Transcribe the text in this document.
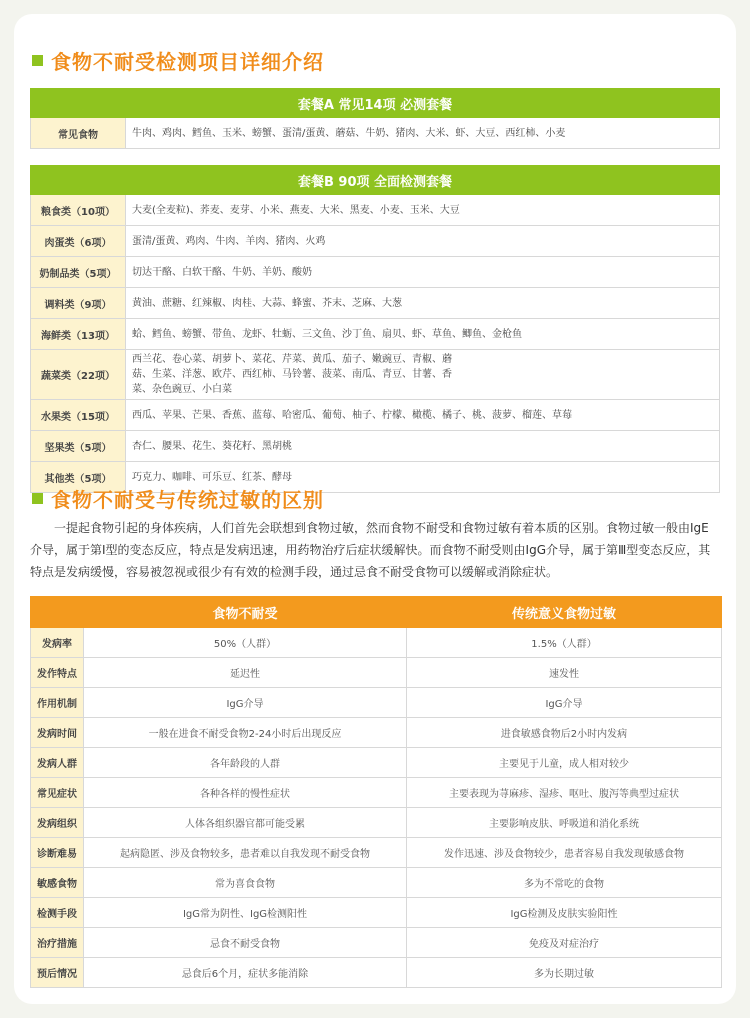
食物不耐受检测项目详细介绍
套餐A 常见14项 必测套餐
常见食物	牛肉、鸡肉、鳕鱼、玉米、螃蟹、蛋清/蛋黄、蘑菇、牛奶、猪肉、大米、虾、大豆、西红柿、小麦
套餐B 90项 全面检测套餐	
粮食类（10项）	大麦(全麦粒)、荞麦、麦芽、小米、燕麦、大米、黑麦、小麦、玉米、大豆
肉蛋类（6项）	蛋清/蛋黄、鸡肉、牛肉、羊肉、猪肉、火鸡
奶制品类（5项）	切达干酪、白软干酪、牛奶、羊奶、酸奶
调料类（9项）	黄油、蔗糖、红辣椒、肉桂、大蒜、蜂蜜、芥末、芝麻、大葱
海鲜类（13项）	蛤、鳕鱼、螃蟹、带鱼、龙虾、牡蛎、三文鱼、沙丁鱼、扇贝、虾、草鱼、鲫鱼、金枪鱼
蔬菜类（22项）	西兰花、卷心菜、胡萝卜、菜花、芹菜、黄瓜、茄子、嫩豌豆、青椒、蘑菇、生菜、洋葱、欧芹、西红柿、马铃薯、菠菜、南瓜、青豆、甘薯、香菜、杂色豌豆、小白菜
水果类（15项）	西瓜、苹果、芒果、香蕉、蓝莓、哈密瓜、葡萄、柚子、柠檬、橄榄、橘子、桃、菠萝、榴莲、草莓
坚果类（5项）	杏仁、腰果、花生、葵花籽、黑胡桃
其他类（5项）	巧克力、咖啡、可乐豆、红茶、酵母
食物不耐受与传统过敏的区别
一提起食物引起的身体疾病，人们首先会联想到食物过敏，然而食物不耐受和食物过敏有着本质的区别。食物过敏一般由IgE介导，属于第Ⅰ型的变态反应，特点是发病迅速，用药物治疗后症状缓解快。而食物不耐受则由IgG介导，属于第Ⅲ型变态反应，其特点是发病缓慢，容易被忽视或很少有有效的检测手段，通过忌食不耐受食物可以缓解或消除症状。
	食物不耐受	传统意义食物过敏
发病率	50%（人群）	1.5%（人群）
发作特点	延迟性	速发性
作用机制	IgG介导	IgG介导
发病时间	一般在进食不耐受食物2-24小时后出现反应	进食敏感食物后2小时内发病
发病人群	各年龄段的人群	主要见于儿童，成人相对较少
常见症状	各种各样的慢性症状	主要表现为荨麻疹、湿疹、呕吐、腹泻等典型过症状
发病组织	人体各组织器官都可能受累	主要影响皮肤、呼吸道和消化系统
诊断难易	起病隐匿、涉及食物较多，患者难以自我发现不耐受食物	发作迅速、涉及食物较少，患者容易自我发现敏感食物
敏感食物	常为喜食食物	多为不常吃的食物
检测手段	IgG常为阴性、IgG检测阳性	IgG检测及皮肤实验阳性
治疗措施	忌食不耐受食物	免疫及对症治疗
预后情况	忌食后6个月，症状多能消除	多为长期过敏
